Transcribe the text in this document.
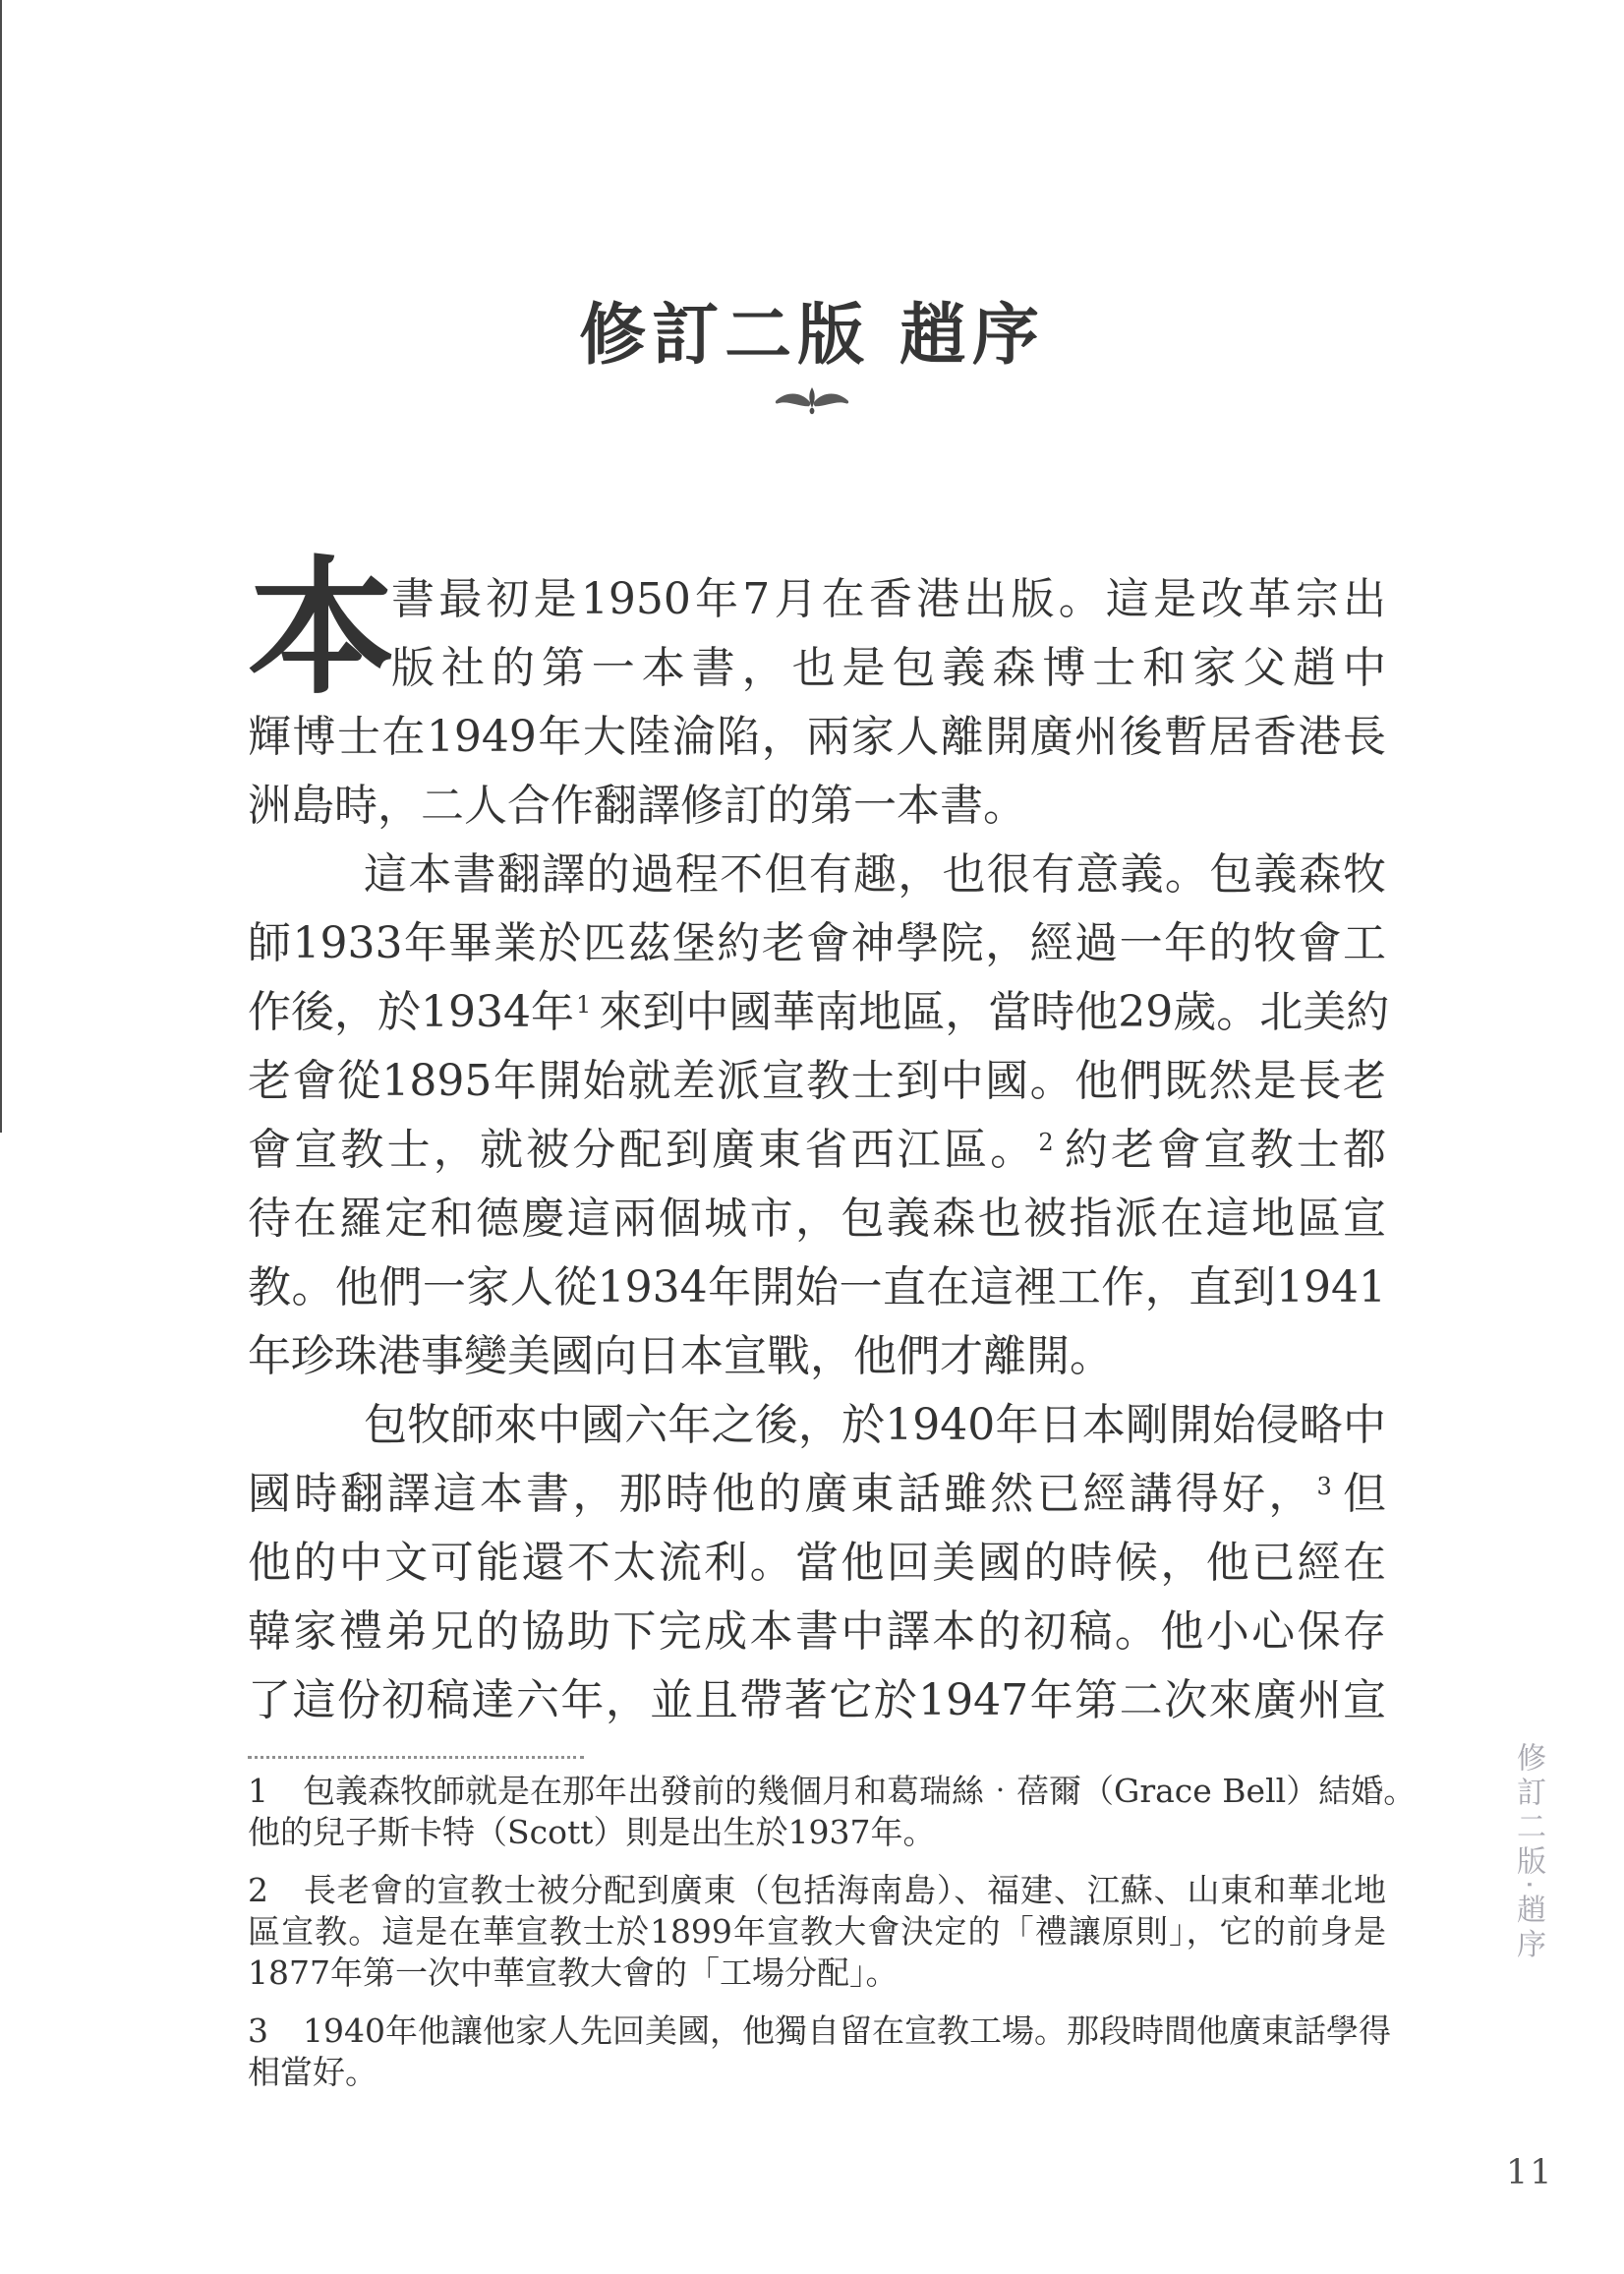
修訂二版 趙序
本
書最初是1950年7月在香港出版。這是改革宗出
版社的第一本書，也是包義森博士和家父趙中
輝博士在1949年大陸淪陷，兩家人離開廣州後暫居香港長
洲島時，二人合作翻譯修訂的第一本書。
這本書翻譯的過程不但有趣，也很有意義。包義森牧
師1933年畢業於匹茲堡約老會神學院，經過一年的牧會工
作後，於1934年$^1$ 來到中國華南地區，當時他29歲。北美約
老會從1895年開始就差派宣教士到中國。他們既然是長老
會宣教士，就被分配到廣東省西江區。$^2$ 約老會宣教士都
待在羅定和德慶這兩個城市，包義森也被指派在這地區宣
教。他們一家人從1934年開始一直在這裡工作，直到1941
年珍珠港事變美國向日本宣戰，他們才離開。
包牧師來中國六年之後，於1940年日本剛開始侵略中
國時翻譯這本書，那時他的廣東話雖然已經講得好，$^3$ 但
他的中文可能還不太流利。當他回美國的時候，他已經在
韓家禮弟兄的協助下完成本書中譯本的初稿。他小心保存
了這份初稿達六年，並且帶著它於1947年第二次來廣州宣
1 包義森牧師就是在那年出發前的幾個月和葛瑞絲‧蓓爾（Grace Bell）結婚。
他的兒子斯卡特（Scott）則是出生於1937年。
2 長老會的宣教士被分配到廣東（包括海南島）、福建、江蘇、山東和華北地
區宣教。這是在華宣教士於1899年宣教大會決定的「禮讓原則」，它的前身是
1877年第一次中華宣教大會的「工場分配」。
3 1940年他讓他家人先回美國，他獨自留在宣教工場。那段時間他廣東話學得
相當好。
修訂二版‧趙序
11
